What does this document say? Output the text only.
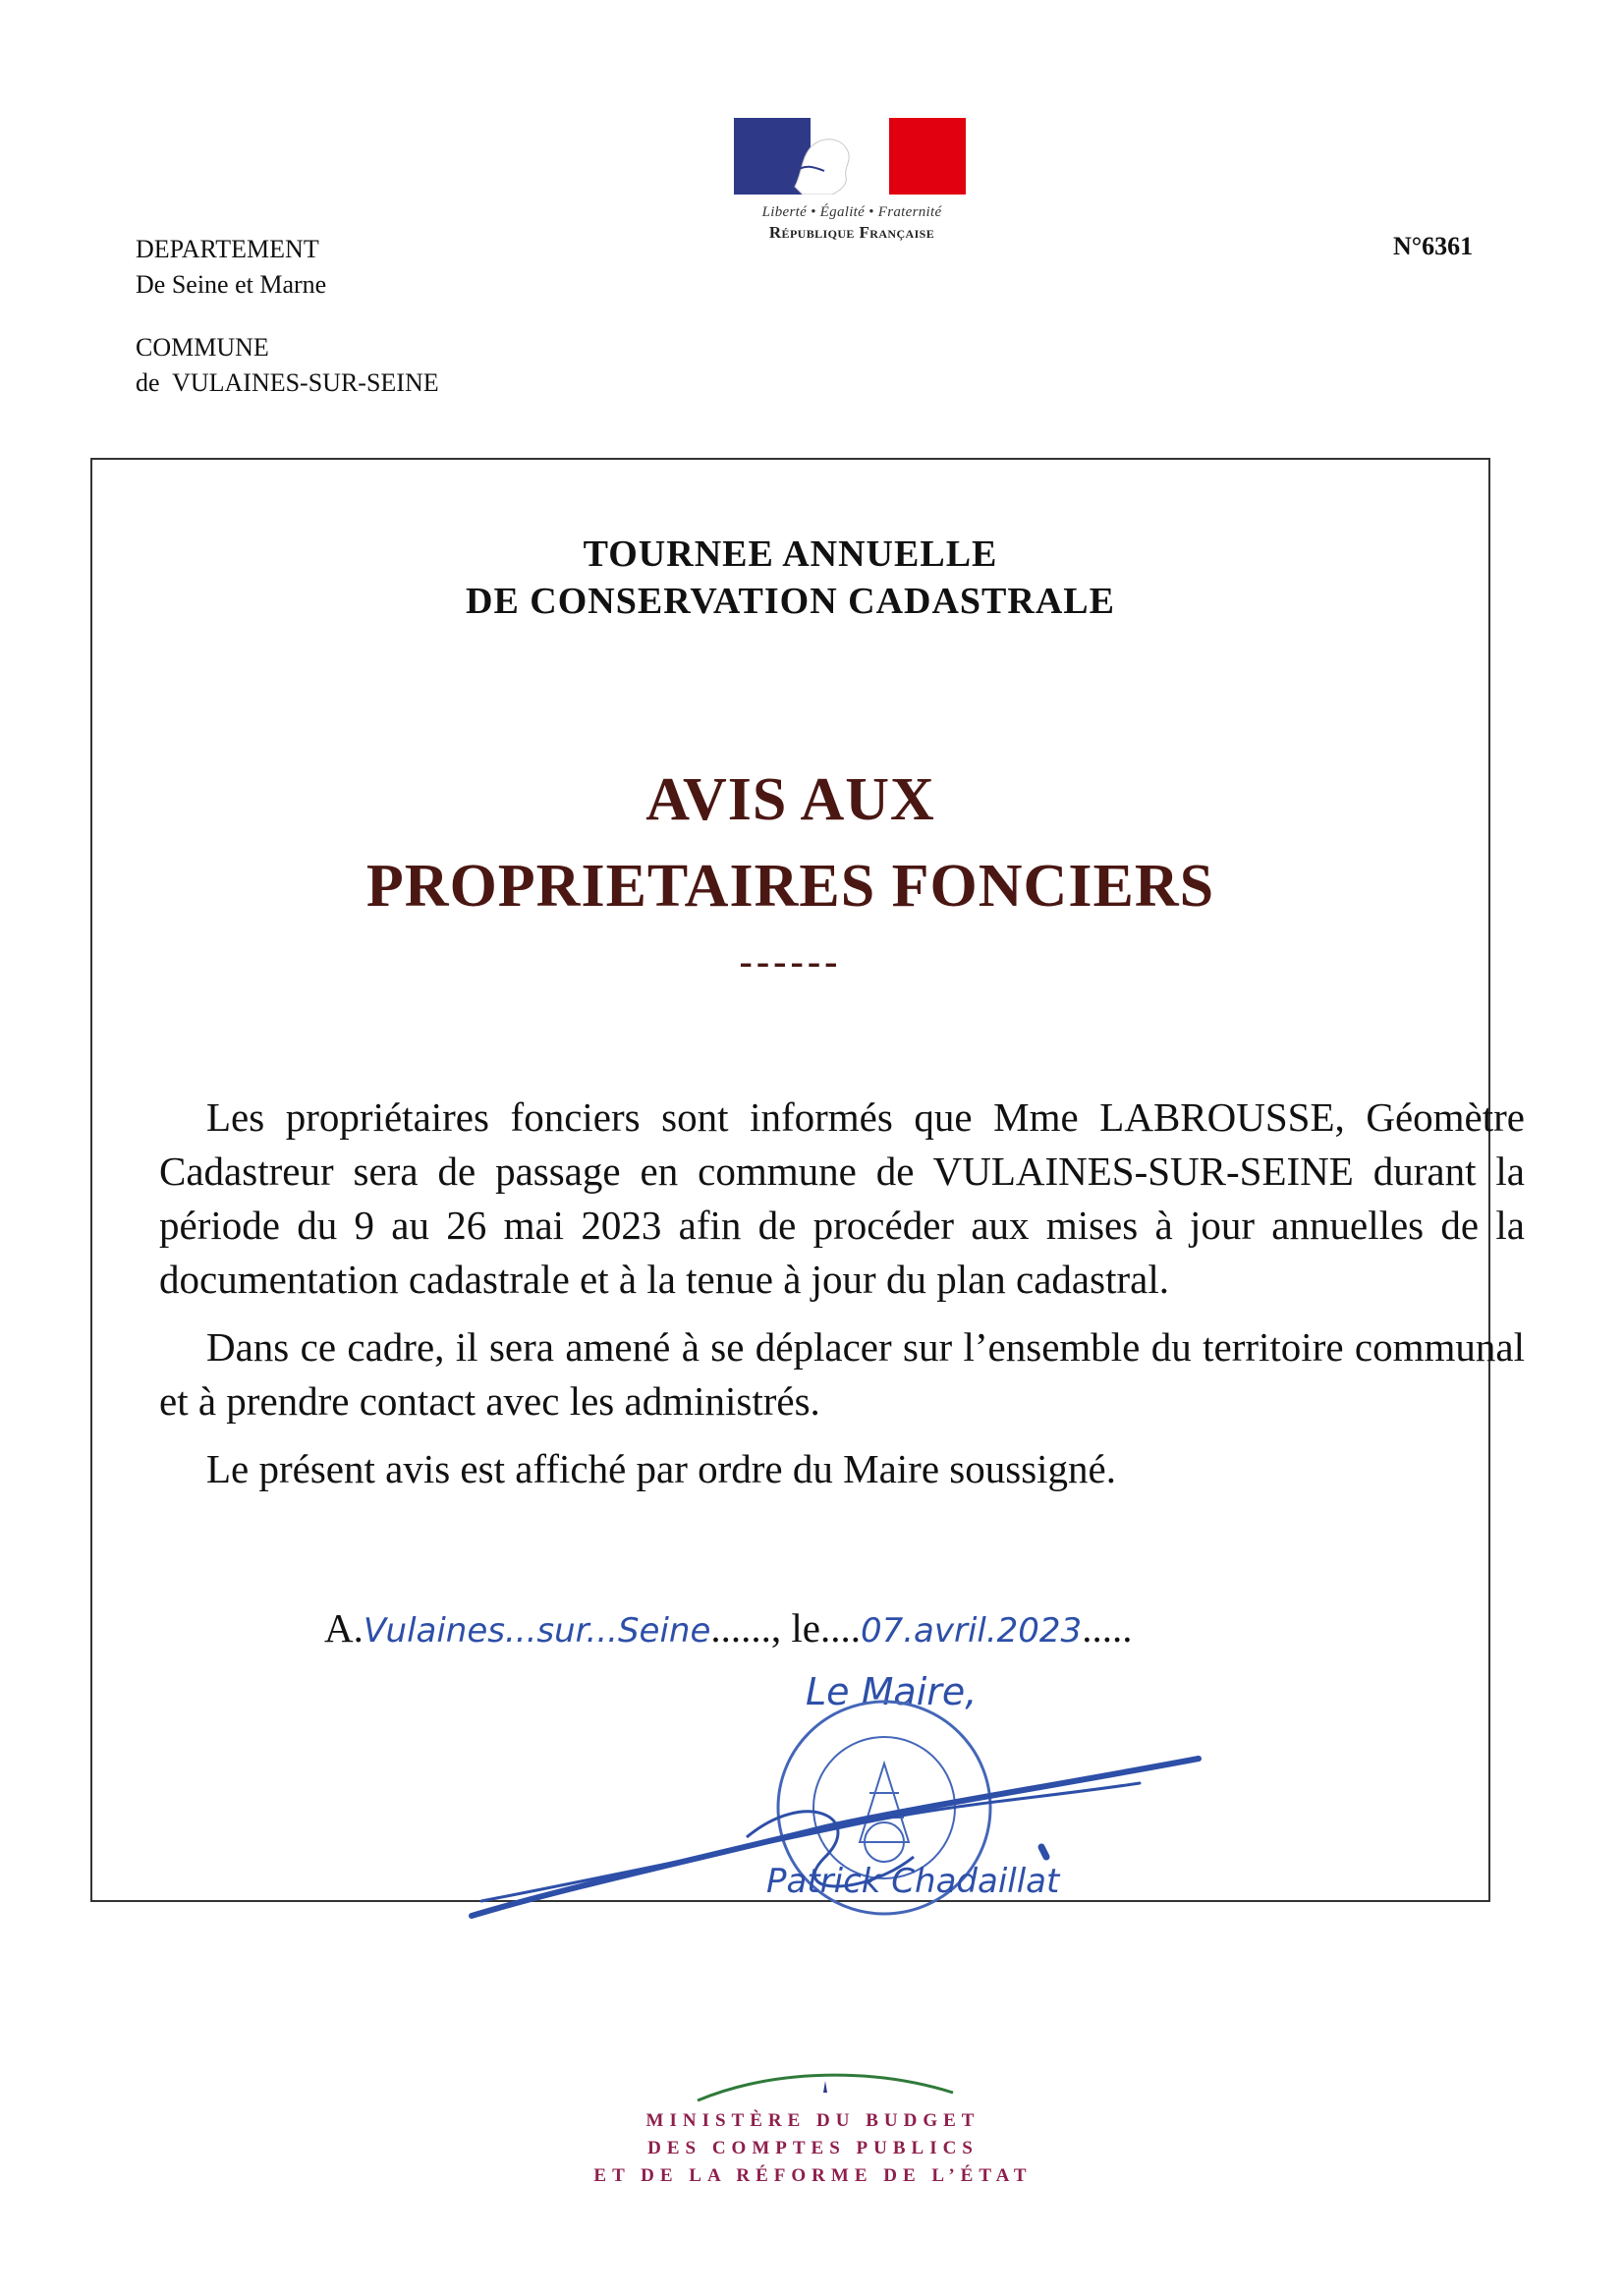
Liberté • Égalité • Fraternité
République Française
DEPARTEMENT
De Seine et Marne
COMMUNE
de  VULAINES-SUR-SEINE
N°6361
TOURNEE ANNUELLE
DE CONSERVATION CADASTRALE
AVIS AUX
PROPRIETAIRES FONCIERS
------

Les propriétaires fonciers sont informés que Mme LABROUSSE, Géomètre Cadastreur sera de passage en commune de VULAINES-SUR-SEINE durant la période du 9 au 26 mai 2023 afin de procéder aux mises à jour annuelles de la documentation cadastrale et à la tenue à jour du plan cadastral.

Dans ce cadre, il sera amené à se déplacer sur l’ensemble du territoire communal et à prendre contact avec les administrés.

Le présent avis est affiché par ordre du Maire soussigné.

A.Vulaines...sur...Seine......, le....07.avril.2023.....
Le Maire,
Patrick Chadaillat
MINISTÈRE DU BUDGET
DES COMPTES PUBLICS
ET DE LA RÉFORME DE L’ÉTAT
